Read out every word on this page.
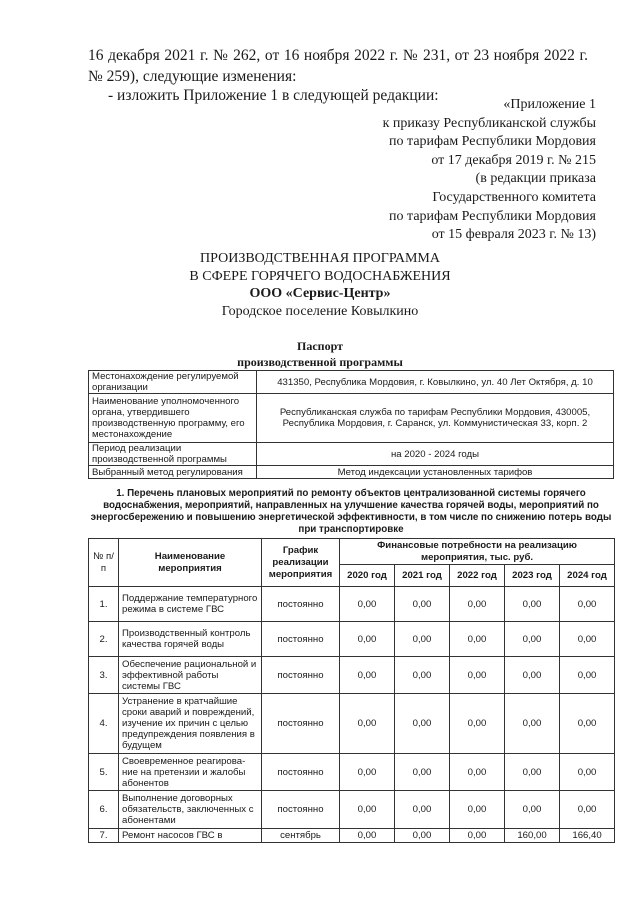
16 декабря 2021 г. № 262, от 16 ноября 2022 г. № 231, от 23 ноября 2022 г.
№ 259), следующие изменения:
- изложить Приложение 1 в следующей редакции:
«Приложение 1
к приказу Республиканской службы
по тарифам Республики Мордовия
от 17 декабря 2019 г. № 215
(в редакции приказа
Государственного комитета
по тарифам Республики Мордовия
от 15 февраля 2023 г. № 13)
ПРОИЗВОДСТВЕННАЯ ПРОГРАММА
В СФЕРЕ ГОРЯЧЕГО ВОДОСНАБЖЕНИЯ
ООО «Сервис-Центр»
Городское поселение Ковылкино
Паспорт
производственной программы
Местонахождение регулируемой организации	431350, Республика Мордовия, г. Ковылкино, ул. 40 Лет Октября, д. 10
Наименование уполномоченного органа, утвердившего производственную программу, его местонахождение	Республиканская служба по тарифам Республики Мордовия, 430005, Республика Мордовия, г. Саранск, ул. Коммунистическая 33, корп. 2
Период реализации производственной программы	на 2020 - 2024 годы
Выбранный метод регулирования	Метод индексации установленных тарифов
1. Перечень плановых мероприятий по ремонту объектов централизованной системы горячего водоснабжения, мероприятий, направленных на улучшение качества горячей воды, мероприятий по энергосбережению и повышению энергетической эффективности, в том числе по снижению потерь воды при транспортировке
№ п/п	Наименование мероприятия	График реализации мероприятия	Финансовые потребности на реализацию мероприятия, тыс. руб.				
			2020 год	2021 год	2022 год	2023 год	2024 год
1.	Поддержание температурного режима в системе ГВС	постоянно	0,00	0,00	0,00	0,00	0,00
2.	Производственный контроль качества горячей воды	постоянно	0,00	0,00	0,00	0,00	0,00
3.	Обеспечение рациональной и эффективной работы системы ГВС	постоянно	0,00	0,00	0,00	0,00	0,00
4.	Устранение в кратчайшие сроки аварий и повреждений, изучение их причин с целью предупреждения появления в будущем	постоянно	0,00	0,00	0,00	0,00	0,00
5.	Своевременное реагирование на претензии и жалобы абонентов	постоянно	0,00	0,00	0,00	0,00	0,00
6.	Выполнение договорных обязательств, заключенных с абонентами	постоянно	0,00	0,00	0,00	0,00	0,00
7.	Ремонт насосов ГВС в	сентябрь	0,00	0,00	0,00	160,00	166,40
